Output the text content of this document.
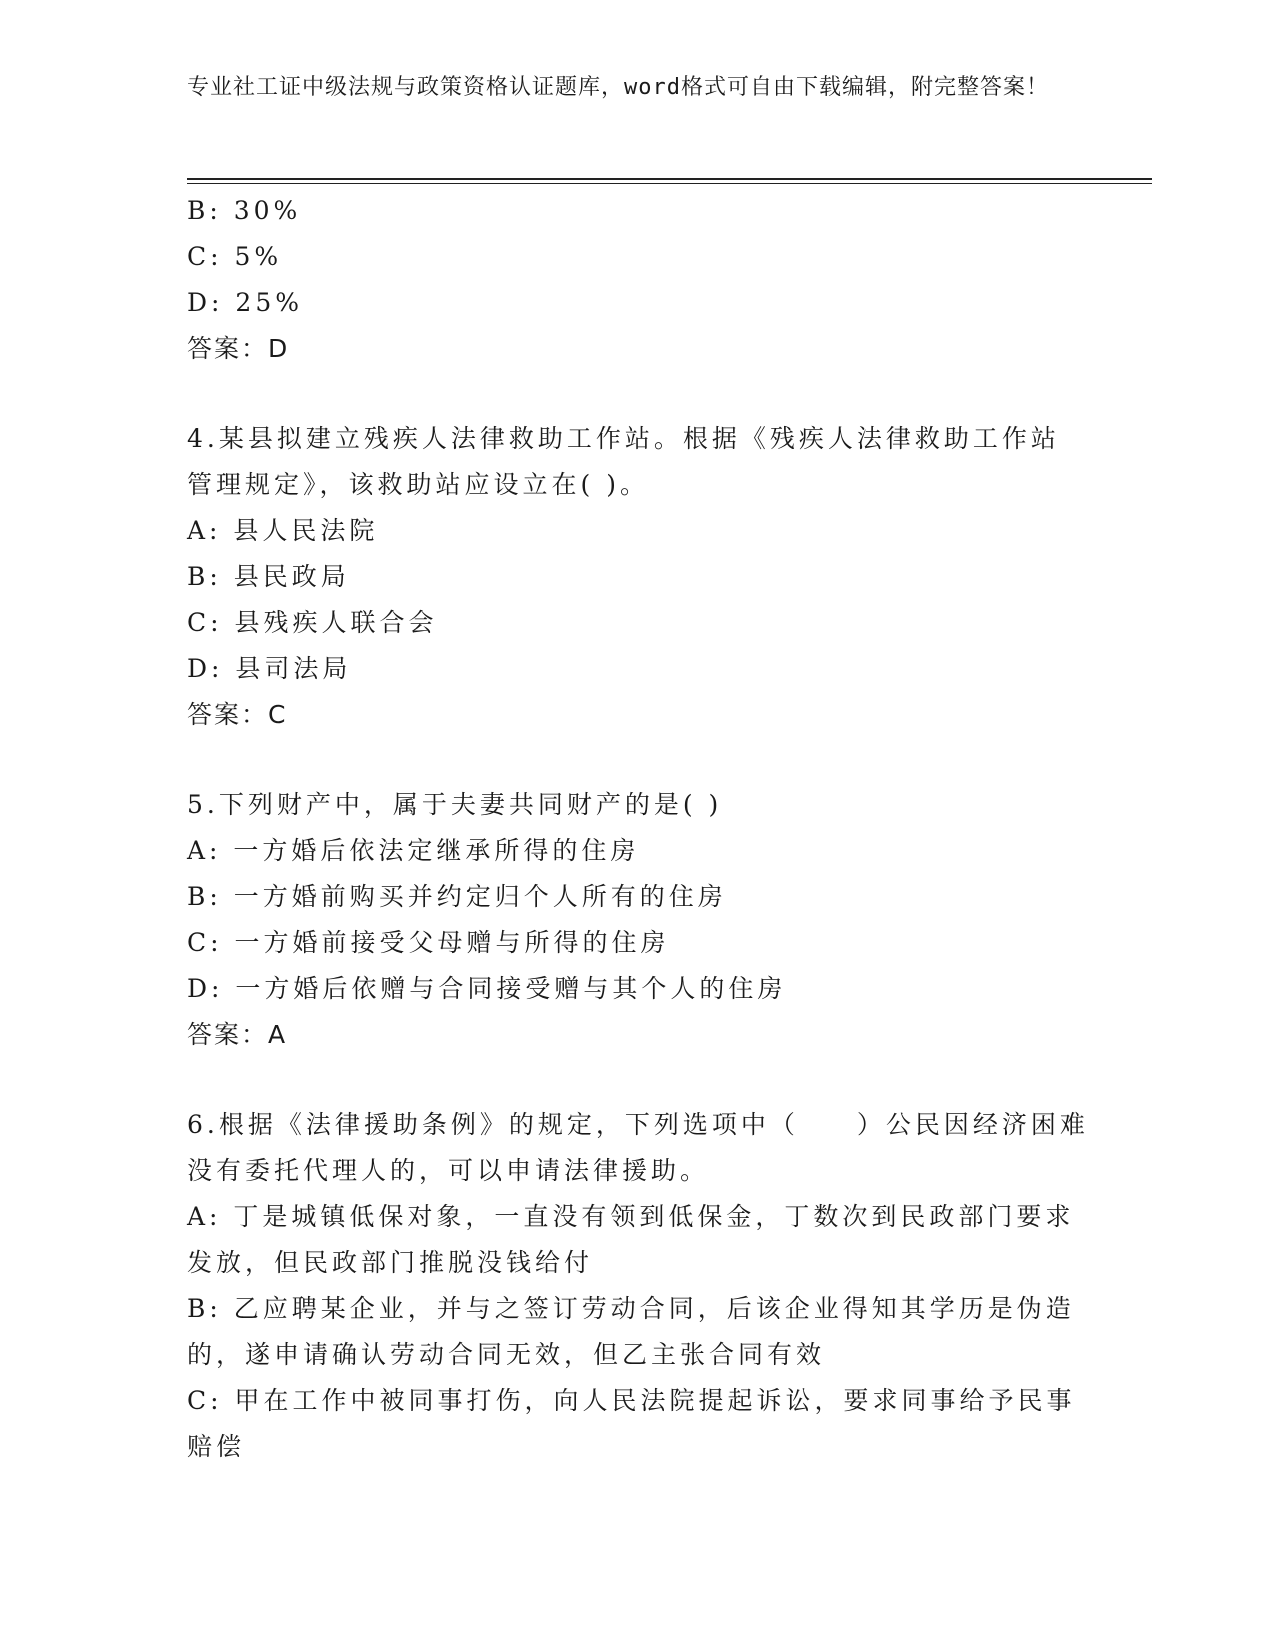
专业社工证中级法规与政策资格认证题库，word格式可自由下载编辑，附完整答案！
B: 30%
C: 5%
D: 25%
答案：D
4.某县拟建立残疾人法律救助工作站。根据《残疾人法律救助工作站
管理规定》，该救助站应设立在( )。
A: 县人民法院
B: 县民政局
C: 县残疾人联合会
D: 县司法局
答案：C
5.下列财产中，属于夫妻共同财产的是( )
A: 一方婚后依法定继承所得的住房
B: 一方婚前购买并约定归个人所有的住房
C: 一方婚前接受父母赠与所得的住房
D: 一方婚后依赠与合同接受赠与其个人的住房
答案：A
6.根据《法律援助条例》的规定，下列选项中（　　）公民因经济困难
没有委托代理人的，可以申请法律援助。
A: 丁是城镇低保对象，一直没有领到低保金，丁数次到民政部门要求
发放，但民政部门推脱没钱给付
B: 乙应聘某企业，并与之签订劳动合同，后该企业得知其学历是伪造
的，遂申请确认劳动合同无效，但乙主张合同有效
C: 甲在工作中被同事打伤，向人民法院提起诉讼，要求同事给予民事
赔偿
